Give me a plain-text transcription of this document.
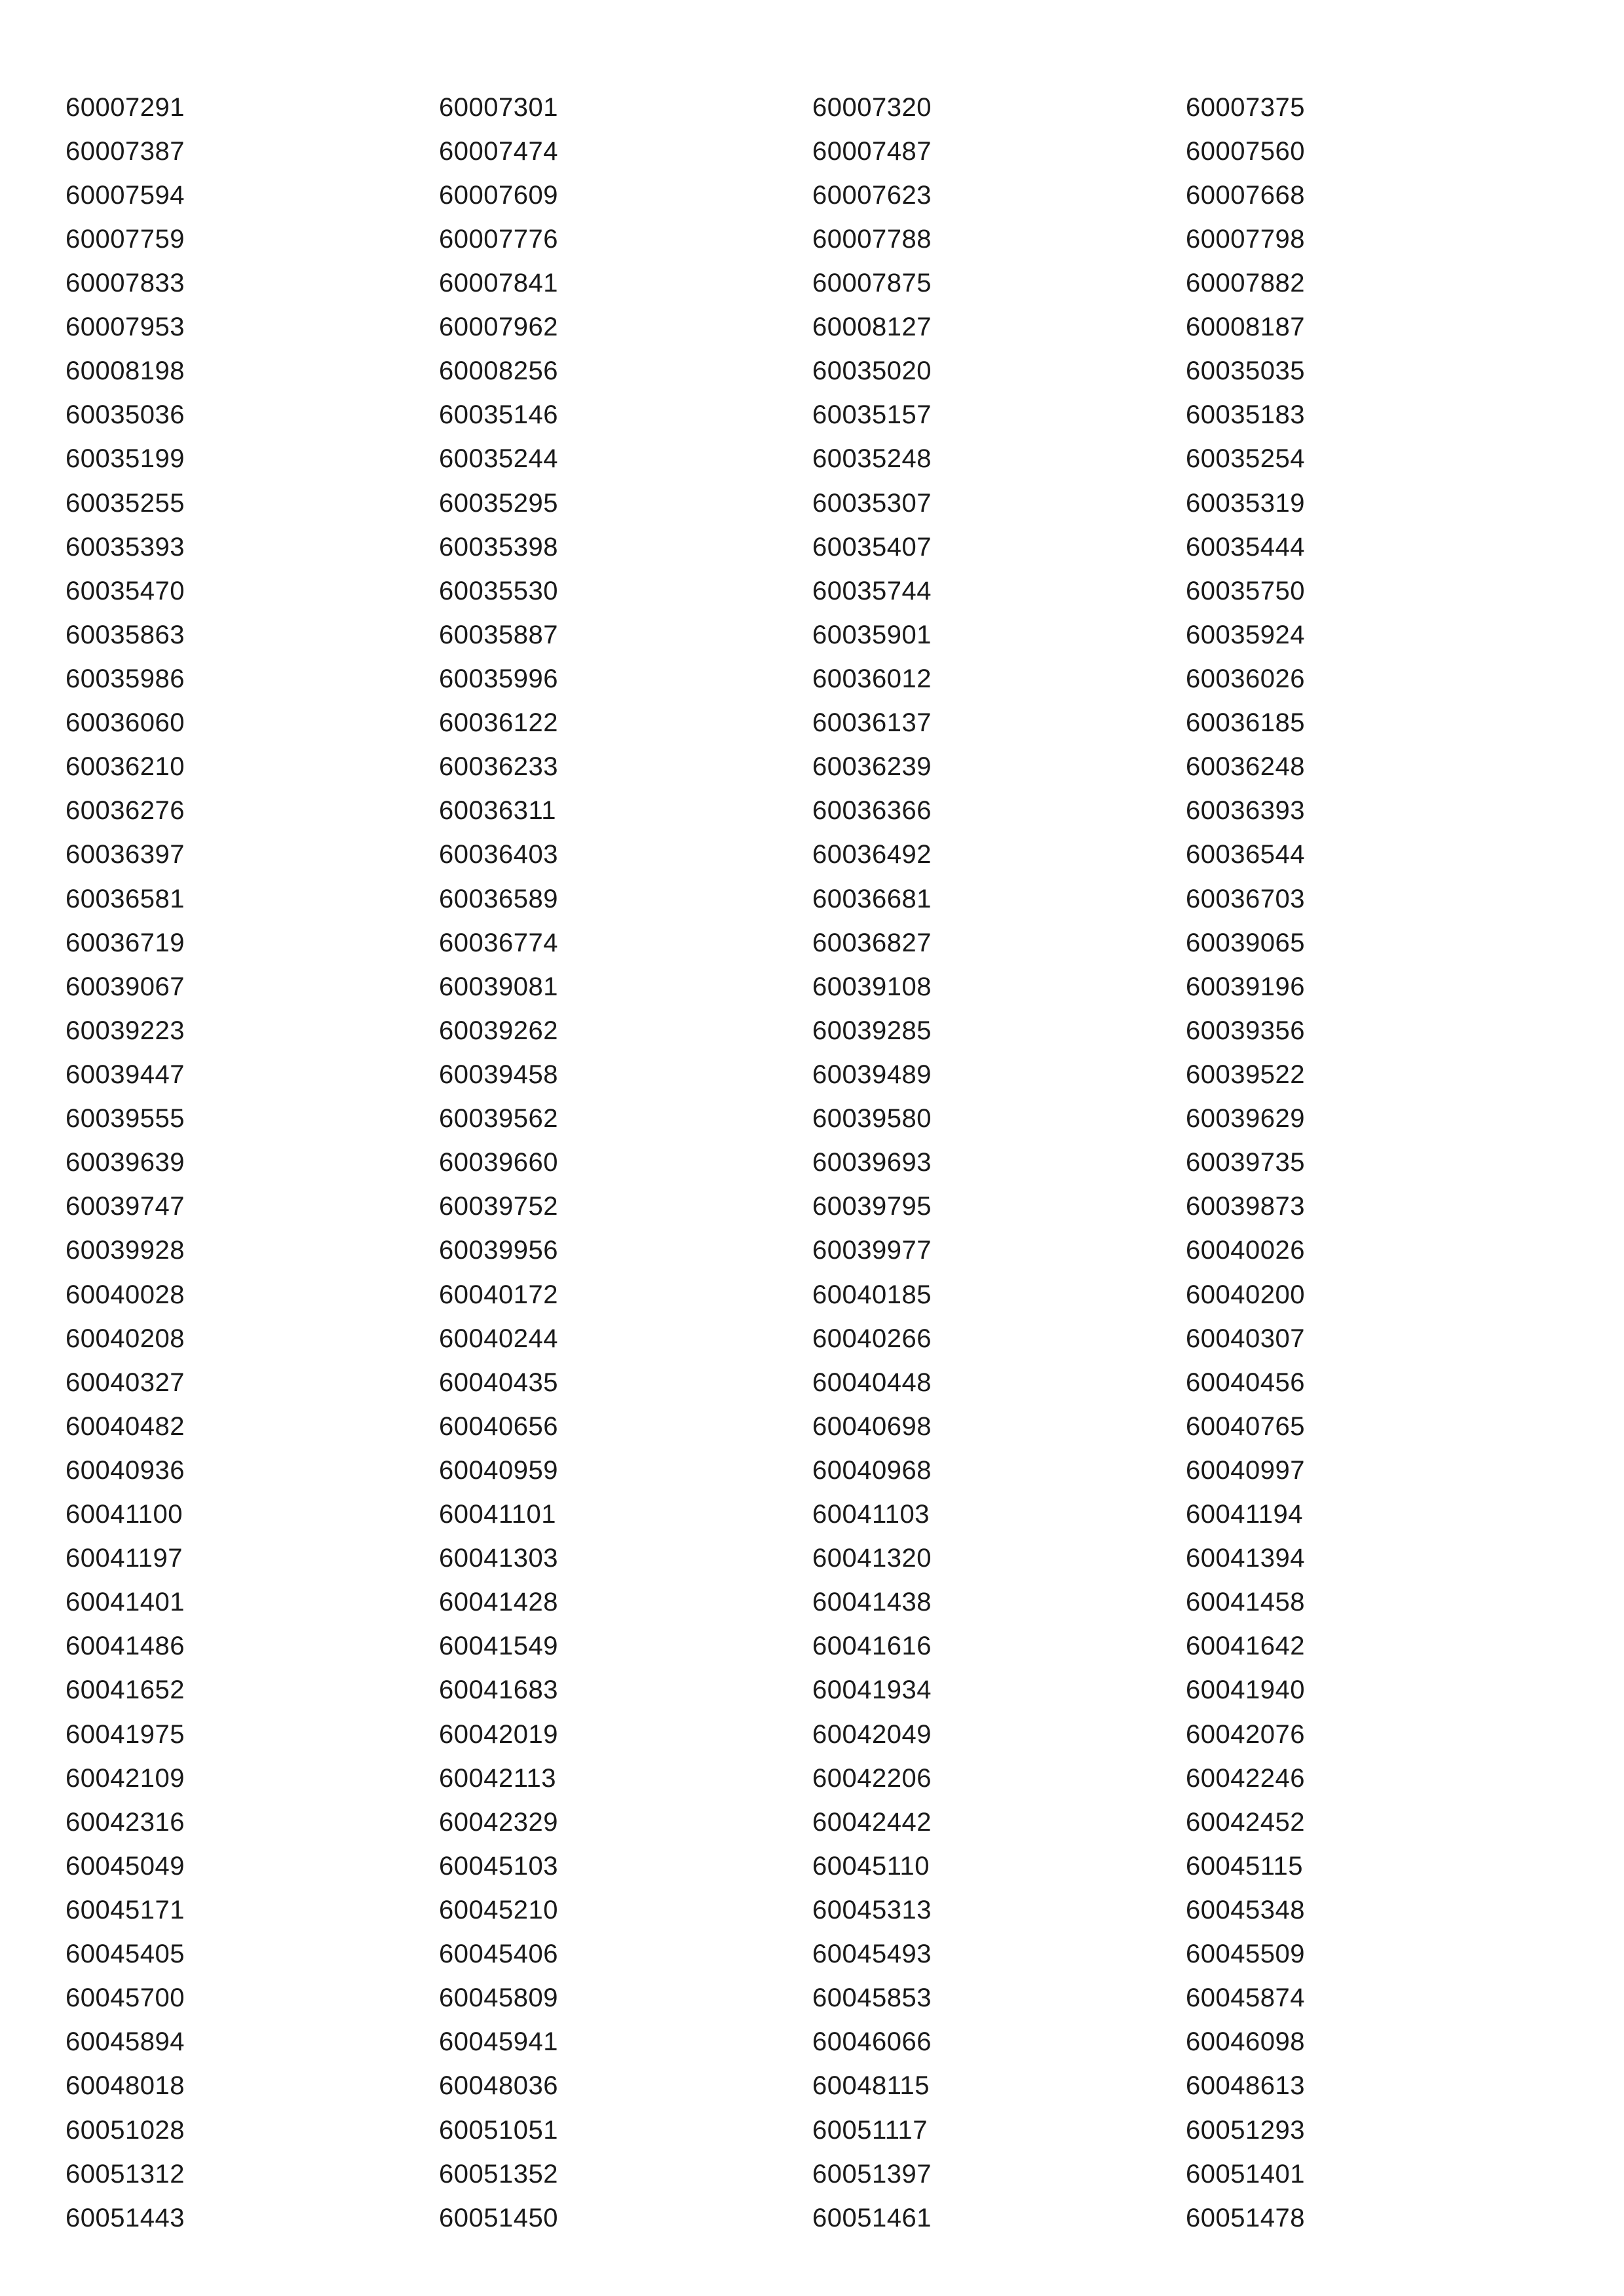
60007291	60007301	60007320	60007375
60007387	60007474	60007487	60007560
60007594	60007609	60007623	60007668
60007759	60007776	60007788	60007798
60007833	60007841	60007875	60007882
60007953	60007962	60008127	60008187
60008198	60008256	60035020	60035035
60035036	60035146	60035157	60035183
60035199	60035244	60035248	60035254
60035255	60035295	60035307	60035319
60035393	60035398	60035407	60035444
60035470	60035530	60035744	60035750
60035863	60035887	60035901	60035924
60035986	60035996	60036012	60036026
60036060	60036122	60036137	60036185
60036210	60036233	60036239	60036248
60036276	60036311	60036366	60036393
60036397	60036403	60036492	60036544
60036581	60036589	60036681	60036703
60036719	60036774	60036827	60039065
60039067	60039081	60039108	60039196
60039223	60039262	60039285	60039356
60039447	60039458	60039489	60039522
60039555	60039562	60039580	60039629
60039639	60039660	60039693	60039735
60039747	60039752	60039795	60039873
60039928	60039956	60039977	60040026
60040028	60040172	60040185	60040200
60040208	60040244	60040266	60040307
60040327	60040435	60040448	60040456
60040482	60040656	60040698	60040765
60040936	60040959	60040968	60040997
60041100	60041101	60041103	60041194
60041197	60041303	60041320	60041394
60041401	60041428	60041438	60041458
60041486	60041549	60041616	60041642
60041652	60041683	60041934	60041940
60041975	60042019	60042049	60042076
60042109	60042113	60042206	60042246
60042316	60042329	60042442	60042452
60045049	60045103	60045110	60045115
60045171	60045210	60045313	60045348
60045405	60045406	60045493	60045509
60045700	60045809	60045853	60045874
60045894	60045941	60046066	60046098
60048018	60048036	60048115	60048613
60051028	60051051	60051117	60051293
60051312	60051352	60051397	60051401
60051443	60051450	60051461	60051478
